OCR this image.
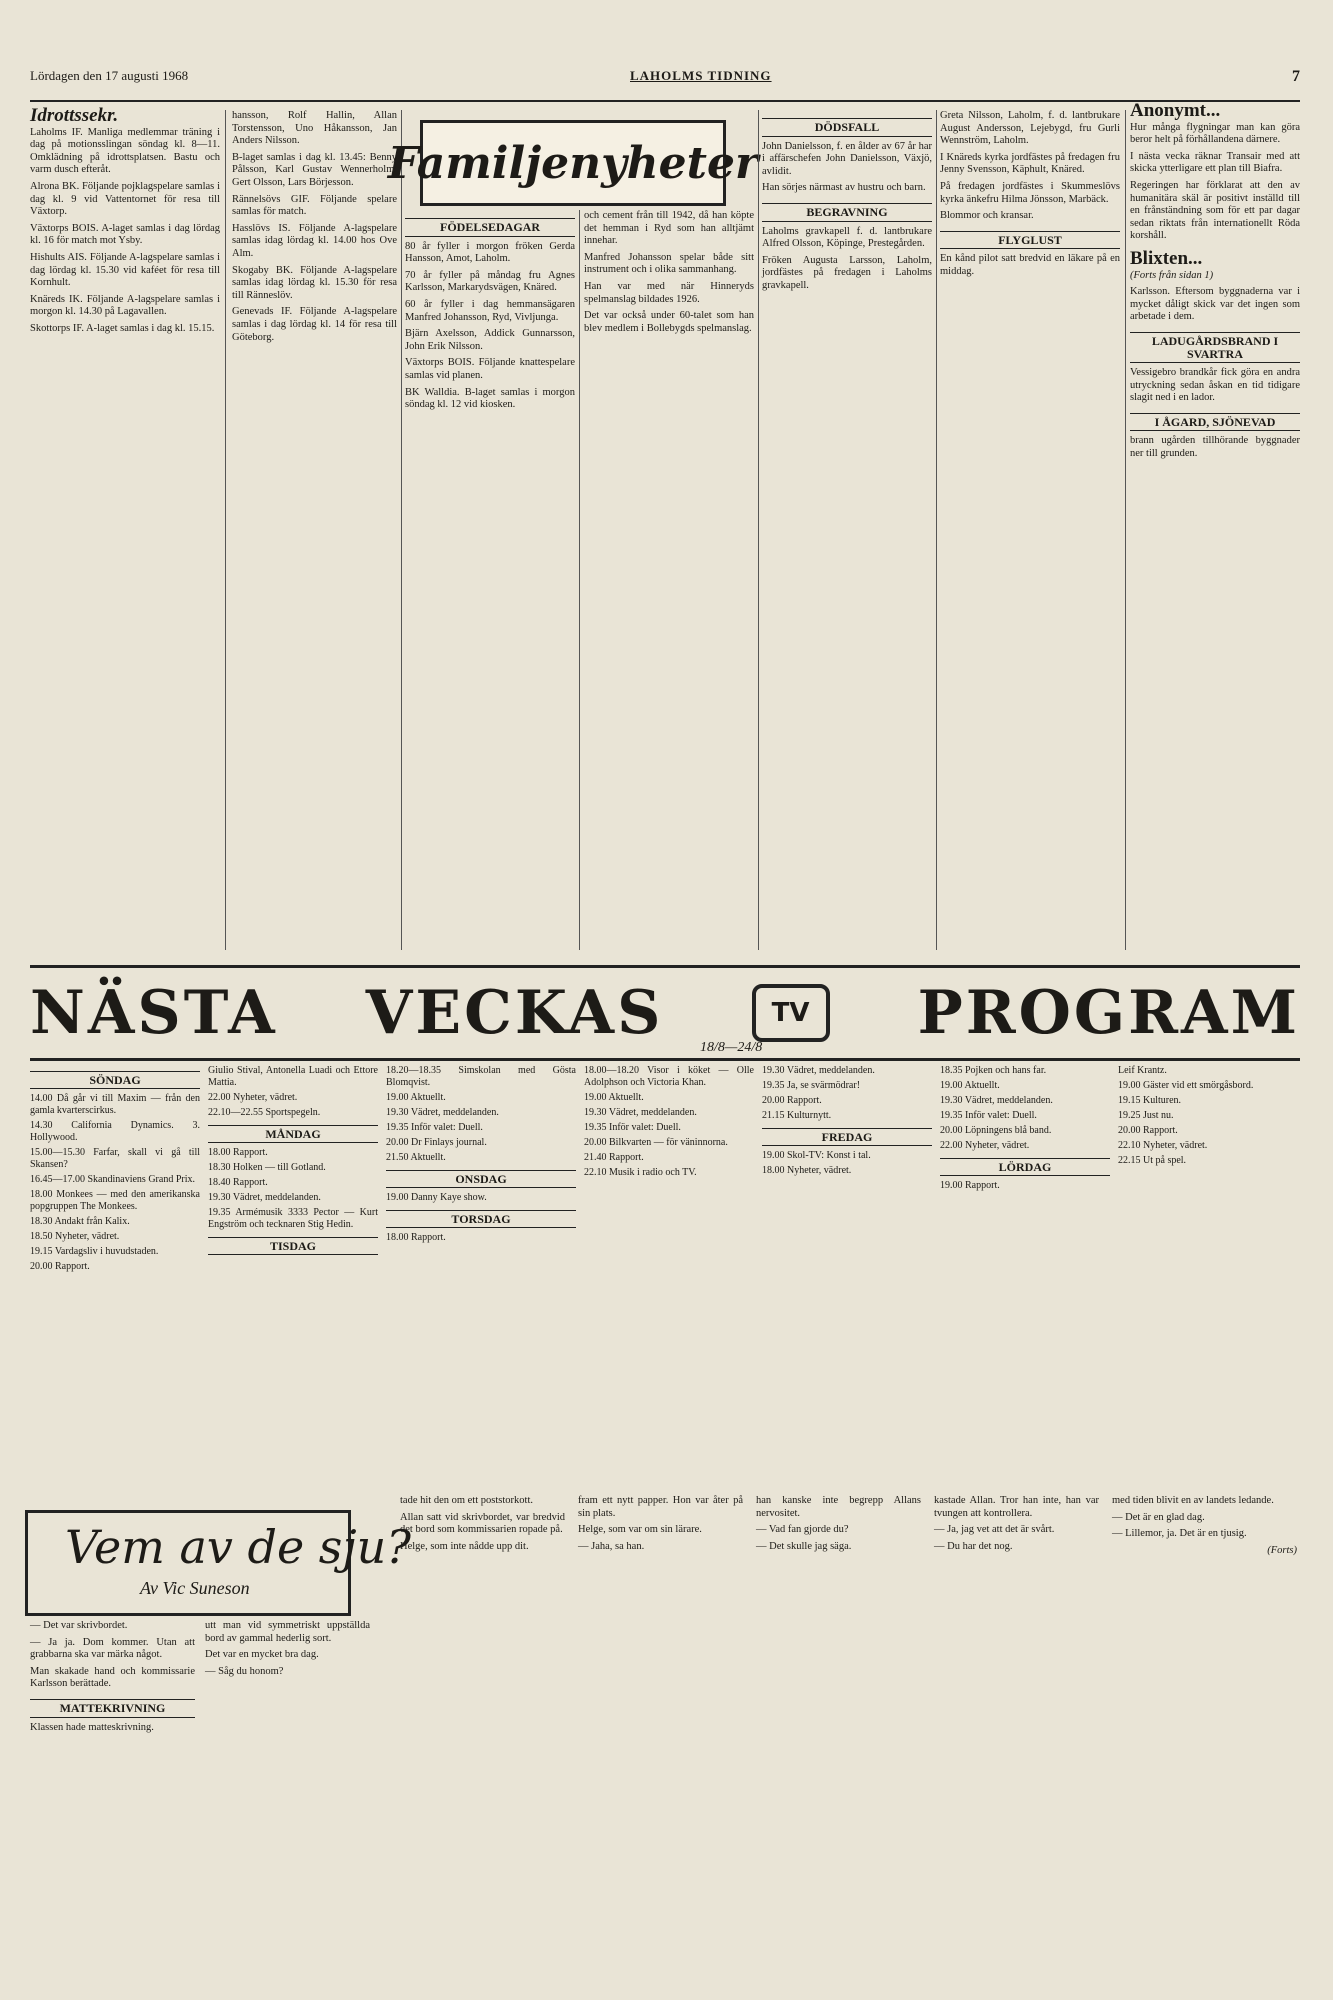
Lördagen den 17 augusti 1968	LAHOLMS TIDNING	7
Idrottssekr.

Laholms IF. Manliga medlemmar träning i dag på motionsslingan söndag kl. 8—11. Omklädning på idrottsplatsen. Bastu och varm dusch efteråt.

Alrona BK. Följande pojklagspelare samlas i dag kl. 9 vid Vattentornet för resa till Växtorp.

Växtorps BOIS. A-laget samlas i dag lördag kl. 16 för match mot Ysby.

Hishults AIS. Följande A-lagspelare samlas i dag lördag kl. 15.30 vid kaféet för resa till Kornhult.

Knäreds IK. Följande A-lagspelare samlas i morgon kl. 14.30 på Lagavallen.

Skottorps IF. A-laget samlas i dag kl. 15.15.

hansson, Rolf Hallin, Allan Torstensson, Uno Håkansson, Jan Anders Nilsson.

B-laget samlas i dag kl. 13.45: Benny Pålsson, Karl Gustav Wennerholm, Gert Olsson, Lars Börjesson.

Rännelsövs GIF. Följande spelare samlas för match.

Hasslövs IS. Följande A-lagspelare samlas idag lördag kl. 14.00 hos Ove Alm.

Skogaby BK. Följande A-lagspelare samlas idag lördag kl. 15.30 för resa till Ränneslöv.

Genevads IF. Följande A-lagspelare samlas i dag lördag kl. 14 för resa till Göteborg.

Familjenyheter
FÖDELSEDAGAR

80 år fyller i morgon fröken Gerda Hansson, Amot, Laholm.

70 år fyller på måndag fru Agnes Karlsson, Markarydsvägen, Knäred.

60 år fyller i dag hemmansägaren Manfred Johansson, Ryd, Vivljunga.

Bjärn Axelsson, Addick Gunnarsson, John Erik Nilsson.

Växtorps BOIS. Följande knattespelare samlas vid planen.

BK Walldia. B-laget samlas i morgon söndag kl. 12 vid kiosken.

och cement från till 1942, då han köpte det hemman i Ryd som han alltjämt innehar.

Manfred Johansson spelar både sitt instrument och i olika sammanhang.

Han var med när Hinneryds spelmanslag bildades 1926.

Det var också under 60-talet som han blev medlem i Bollebygds spelmanslag.

DÖDSFALL

John Danielsson, f. en ålder av 67 år har i affärschefen John Danielsson, Växjö, avlidit.

Han sörjes närmast av hustru och barn.

BEGRAVNING

Laholms gravkapell f. d. lantbrukare Alfred Olsson, Köpinge, Prestegården.

Fröken Augusta Larsson, Laholm, jordfästes på fredagen i Laholms gravkapell.

Greta Nilsson, Laholm, f. d. lantbrukare August Andersson, Lejebygd, fru Gurli Wennström, Laholm.

I Knäreds kyrka jordfästes på fredagen fru Jenny Svensson, Käphult, Knäred.

På fredagen jordfästes i Skummeslövs kyrka änkefru Hilma Jönsson, Marbäck.

Blommor och kransar.

FLYGLUST

En kånd pilot satt bredvid en läkare på en middag.

Anonymt...

Hur många flygningar man kan göra beror helt på förhållandena därnere.

I nästa vecka räknar Transair med att skicka ytterligare ett plan till Biafra.

Regeringen har förklarat att den av humanitära skäl är positivt inställd till en frånständning som för ett par dagar sedan riktats från internationellt Röda korshåll.

Blixten...

(Forts från sidan 1)

Karlsson. Eftersom byggnaderna var i mycket dåligt skick var det ingen som arbetade i dem.

LADUGÅRDSBRAND I SVARTRA

Vessigebro brandkår fick göra en andra utryckning sedan åskan en tid tidigare slagit ned i en lador.

I ÅGARD, SJÖNEVAD

brann ugården tillhörande byggnader ner till grunden.

NÄSTA VECKAS	TV	PROGRAM
18/8—24/8
SÖNDAG

14.00 Då går vi till Maxim — från den gamla kvarterscirkus.

14.30 California Dynamics. 3. Hollywood.

15.00—15.30 Farfar, skall vi gå till Skansen?

16.45—17.00 Skandinaviens Grand Prix.

18.00 Monkees — med den amerikanska popgruppen The Monkees.

18.30 Andakt från Kalix.

18.50 Nyheter, vädret.

19.15 Vardagsliv i huvudstaden.

20.00 Rapport.

Giulio Stival, Antonella Luadi och Ettore Mattia.

22.00 Nyheter, vädret.

22.10—22.55 Sportspegeln.

MÅNDAG

18.00 Rapport.

18.30 Holken — till Gotland.

18.40 Rapport.

19.30 Vädret, meddelanden.

19.35 Armémusik 3333 Pector — Kurt Engström och tecknaren Stig Hedin.

TISDAG

18.20—18.35 Simskolan med Gösta Blomqvist.

19.00 Aktuellt.

19.30 Vädret, meddelanden.

19.35 Inför valet: Duell.

20.00 Dr Finlays journal.

21.50 Aktuellt.

ONSDAG

19.00 Danny Kaye show.

TORSDAG

18.00 Rapport.

18.00—18.20 Visor i köket — Olle Adolphson och Victoria Khan.

19.00 Aktuellt.

19.30 Vädret, meddelanden.

19.35 Inför valet: Duell.

20.00 Bilkvarten — för väninnorna.

21.40 Rapport.

22.10 Musik i radio och TV.

19.30 Vädret, meddelanden.

19.35 Ja, se svärmödrar!

20.00 Rapport.

21.15 Kulturnytt.

FREDAG

19.00 Skol-TV: Konst i tal.

18.00 Nyheter, vädret.

18.35 Pojken och hans far.

19.00 Aktuellt.

19.30 Vädret, meddelanden.

19.35 Inför valet: Duell.

20.00 Löpningens blå band.

22.00 Nyheter, vädret.

LÖRDAG

19.00 Rapport.

Leif Krantz.

19.00 Gäster vid ett smörgåsbord.

19.15 Kulturen.

19.25 Just nu.

20.00 Rapport.

22.10 Nyheter, vädret.

22.15 Ut på spel.

Vem av de sju?
Av Vic Suneson

— Det var skrivbordet.

— Ja ja. Dom kommer. Utan att grabbarna ska var märka något.

Man skakade hand och kommissarie Karlsson berättade.

MATTEKRIVNING

Klassen hade matteskrivning.

utt man vid symmetriskt uppställda bord av gammal hederlig sort.

Det var en mycket bra dag.

— Såg du honom?

tade hit den om ett poststorkott.

Allan satt vid skrivbordet, var bredvid det bord som kommissarien ropade på.

Helge, som inte nådde upp dit.

fram ett nytt papper. Hon var åter på sin plats.

Helge, som var om sin lärare.

— Jaha, sa han.

han kanske inte begrepp Allans nervositet.

— Vad fan gjorde du?

— Det skulle jag säga.

kastade Allan. Tror han inte, han var tvungen att kontrollera.

— Ja, jag vet att det är svårt.

— Du har det nog.

med tiden blivit en av landets ledande.

— Det är en glad dag.

— Lillemor, ja. Det är en tjusig.

(Forts)
